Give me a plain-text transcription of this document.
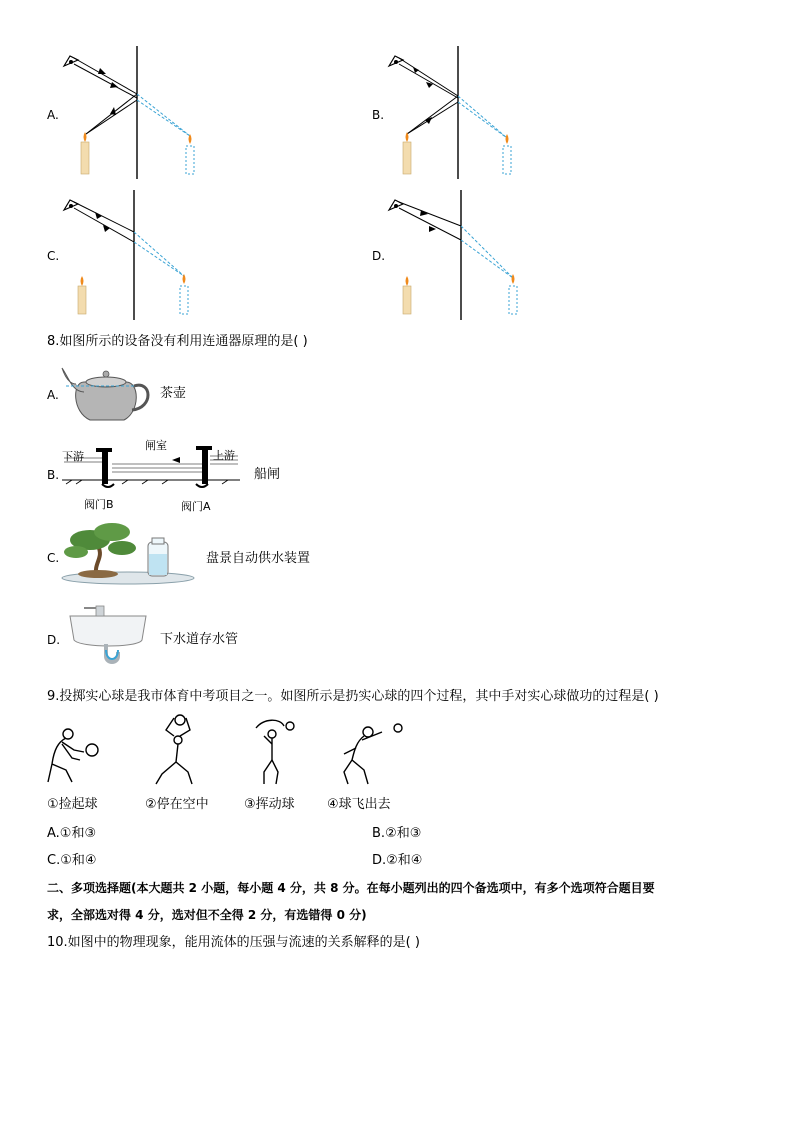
A.	B.
C.	D.
8.如图所示的设备没有利用连通器原理的是( )
A.	茶壶
B.
下游
闸室
上游
阀门B	阀门A
船闸
C.	盘景自动供水装置
D.	下水道存水管
9.投掷实心球是我市体育中考项目之一。如图所示是扔实心球的四个过程，其中手对实心球做功的过程是( )
①捡起球	②停在空中	③挥动球 ④球飞出去
A.①和③	B.②和③
C.①和④	D.②和④
二、多项选择题(本大题共 2 小题，每小题 4 分，共 8 分。在每小题列出的四个备选项中，有多个选项符合题目要
求，全部选对得 4 分，选对但不全得 2 分，有选错得 0 分)
10.如图中的物理现象，能用流体的压强与流速的关系解释的是( )
